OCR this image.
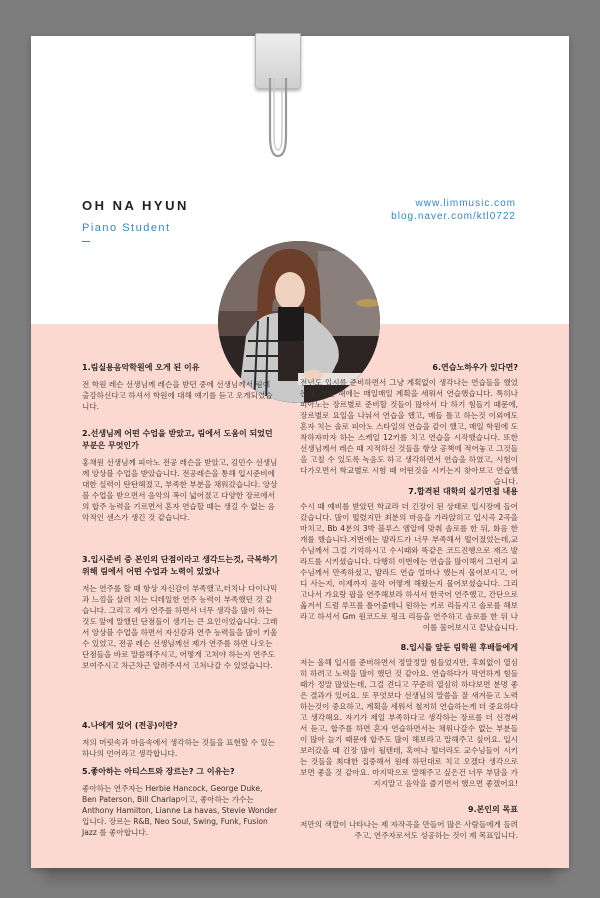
OH NA HYUN
Piano Student
www.limmusic.com
blog.naver.com/ktl0722
1.림실용음악학원에 오게 된 이유
전 학원 레슨 선생님께 레슨을 받던 중에 선생님께서 림에 출강하신다고 하셔서 학원에 대해 얘기를 듣고 오게되었습니다.
2.선생님께 어떤 수업을 받았고, 림에서 도움이 되었던 부분은 무엇인가
홍채원 선생님께 피아노 전공 레슨을 받았고, 김민수 선생님께 앙상블 수업을 받았습니다. 전공레슨을 통해 입시준비에 대한 실력이 탄탄해졌고, 부족한 부분을 채워갔습니다. 앙상블 수업을 받으면서 음악의 폭이 넓어졌고 다양한 장르에서의 합주 능력을 기르면서 혼자 연습할 때는 생길 수 없는 음악적인 센스가 생긴 것 같습니다.
3.입시준비 중 본인의 단점이라고 생각드는것, 극복하기위해 림에서 어떤 수업과 노력이 있었나
저는 연주를 할 때 항상 자신감이 부족했고,터치나 다이나믹과 느낌을 살려 치는 디테일한 연주 능력이 부족했던 것 같습니다. 그리고 제가 연주를 하면서 너무 생각을 많이 하는것도 앞에 말했던 단점들이 생기는 큰 요인이었습니다. 그래서 앙상블 수업을 하면서 자신감과 연주 능력들을 많이 키울 수 있었고, 전공 레슨 선생님께선 제가 연주를 하면 나오는 단점들을 바로 말씀해주시고, 어떻게 고쳐야 하는지 연주도 보여주시고 차근차근 알려주셔서 고쳐나갈 수 있었습니다.
4.나에게 있어 (전공)이란?
저의 머릿속과 마음속에서 생각하는 것들을 표현할 수 있는 하나의 언어라고 생각합니다.
5.좋아하는 아티스트와 장르는? 그 이유는?
좋아하는 연주자는 Herbie Hancock, George Duke, Ben Paterson, Bill Charlap이고, 좋아하는 가수는 Anthony Hamilton, Lianne La havas, Stevie Wonder 입니다. 장르는 R&B, Neo Soul, Swing, Funk, Fusion Jazz 를 좋아합니다.
6.연습노하우가 있다면?
전년도 입시를 준비하면서 그냥 계획없이 생각나는 연습들을 했었는데, 이번 해에는 매일매일 계획을 세워서 연습했습니다. 특히나 피아노는 장르별로 준비할 것들이 많아서 다 하기 힘들기 때문에, 장르별로 요일을 나눠서 연습을 했고, 메들 틀고 하는것 이외에도 혼자 치는 솔로 피아노 스타일의 연습을 같이 했고, 매일 학원에 도착하자마자 하는 스케일 12키를 치고 연습을 시작했습니다. 또한 선생님께서 레슨 때 지적하신 것들을 항상 공책에 적어놓고 그것들을 고칠 수 있도록 녹음도 하고 생각하면서 연습을 하였고, 시험이 다가오면서 학교별로 시험 때 어떤것을 시키는지 찾아보고 연습했습니다.
7.합격된 대학의 실기면접 내용
수시 때 예비를 받았던 학교라 더 긴장이 된 상태로 입시장에 들어갔습니다. 많이 떨렸지만 최분의 마음을 가라앉히고 입시곡 2곡을 마치고, Bb 4분의 3박 블루스 엠알에 맞춰 솔로를 한 뒤, 화음 한개를 했습니다.저번에는 발라드가 너무 부족해서 떨어졌었는데,교수님께서 그걸 기억하시고 수시때와 똑같은 코드진행으로 재즈 발라드를 시키셨습니다. 다행히 이번에는 연습을 많이해서 그런지 교수님께서 만족하셨고, 발라드 연습 얼마나 했는지 물어보시고, 어디 사는지, 이제까지 음악 어떻게 해왔는지 물어보셨습니다. 그리고나서 가요랑 팝을 연주해보라 하셔서 한국어 연주했고, 간단으로 옮겨서 드럼 루프를 틀어줄테니 원하는 키로 리듬지고 솔로를 해보라고 하셔서 Gm 원코드로 펑크 리듬을 연주하고 솔로를 한 뒤 나이를 물어보시고 끝났습니다.
8.입시를 앞둔 림학원 후배들에게
저는 올해 입시를 준비하면서 정말정말 힘들었지만, 후회없이 열심히 하려고 노력을 많이 했던 것 같아요. 연습하다가 막연하게 힘들때가 정말 많았는데, 그걸 견디고 꾸준히 열심히 하다보면 분명 좋은 결과가 있어요. 또 무엇보다 선생님의 말씀을 잘 새겨듣고 노력하는것이 중요하고, 계획을 세워서 철저히 연습하는게 더 중요하다고 생각해요. 자기가 제일 부족하다고 생각하는 장르를 더 신경써서 듣고, 합주를 하면 혼자 연습하면서는 채워나갈수 없는 부분들이 많아 늘기 때문에 합주도 많이 해보라고 말해주고 싶어요. 입시 보러갔을 때 긴장 많이 될텐데, 혹여나 떨더라도 교수님들이 시키는 것들을 최대한 집중해서 원래 하던대로 치고 오겠다 생각으로 보면 좋을 것 같아요. 마지막으로 말해주고 싶은건 너무 부담을 가지지말고 음악을 즐기면서 했으면 좋겠어요!
9.본인의 목표
저만의 색깔이 나타나는 제 자작곡을 만들어 많은 사람들에게 들려주고, 연주자로서도 성공하는 것이 제 목표입니다.
